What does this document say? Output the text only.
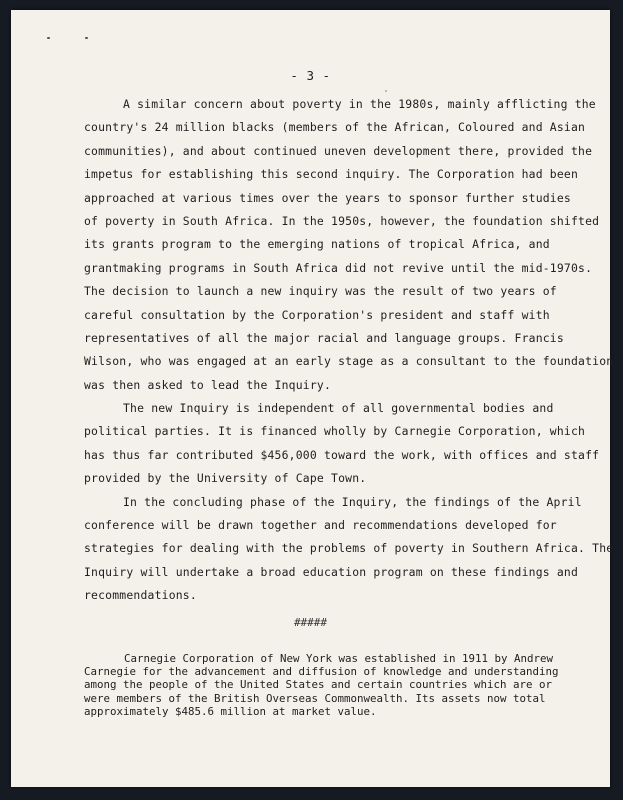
- 3 -
A similar concern about poverty in the 1980s, mainly afflicting the
country's 24 million blacks (members of the African, Coloured and Asian
communities), and about continued uneven development there, provided the
impetus for establishing this second inquiry. The Corporation had been
approached at various times over the years to sponsor further studies
of poverty in South Africa. In the 1950s, however, the foundation shifted
its grants program to the emerging nations of tropical Africa, and
grantmaking programs in South Africa did not revive until the mid-1970s.
The decision to launch a new inquiry was the result of two years of
careful consultation by the Corporation's president and staff with
representatives of all the major racial and language groups. Francis
Wilson, who was engaged at an early stage as a consultant to the foundation,
was then asked to lead the Inquiry.
The new Inquiry is independent of all governmental bodies and
political parties. It is financed wholly by Carnegie Corporation, which
has thus far contributed $456,000 toward the work, with offices and staff
provided by the University of Cape Town.
In the concluding phase of the Inquiry, the findings of the April
conference will be drawn together and recommendations developed for
strategies for dealing with the problems of poverty in Southern Africa. The
Inquiry will undertake a broad education program on these findings and
recommendations.
#####
Carnegie Corporation of New York was established in 1911 by Andrew
Carnegie for the advancement and diffusion of knowledge and understanding
among the people of the United States and certain countries which are or
were members of the British Overseas Commonwealth. Its assets now total
approximately $485.6 million at market value.
